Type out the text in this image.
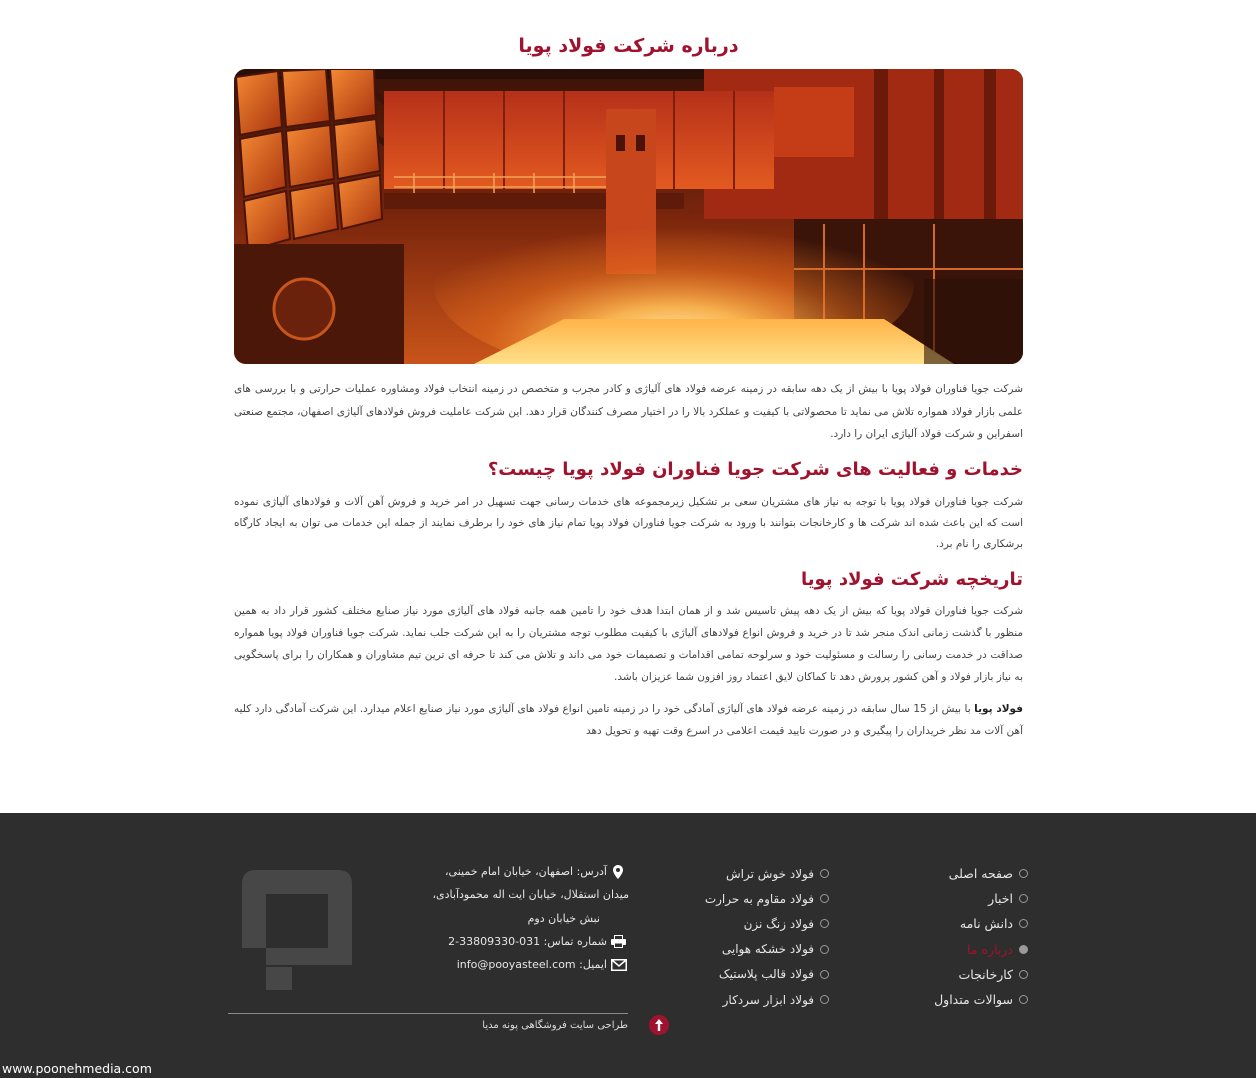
درباره شرکت فولاد پویا

شرکت جویا فناوران فولاد پویا با بیش از یک دهه سابقه در زمینه عرضه فولاد های آلیاژی و کادر مجرب و متخصص در زمینه انتخاب فولاد ومشاوره عملیات حرارتی و با بررسی های علمی بازار فولاد همواره تلاش می نماید تا محصولاتی با کیفیت و عملکرد بالا را در اختیار مصرف کنندگان قرار دهد. این شرکت عاملیت فروش فولادهای آلیاژی اصفهان، مجتمع صنعتی اسفراین و شرکت فولاد آلیاژی ایران را دارد.

خدمات و فعالیت های شرکت جویا فناوران فولاد پویا چیست؟

شرکت جویا فناوران فولاد پویا با توجه به نیاز های مشتریان سعی بر تشکیل زیرمجموعه های خدمات رسانی جهت تسهیل در امر خرید و فروش آهن آلات و فولادهای آلیاژی نموده است که این باعث شده اند شرکت ها و کارخانجات بتوانند با ورود به شرکت جویا فناوران فولاد پویا تمام نیاز های خود را برطرف نمایند از جمله این خدمات می توان به ایجاد کارگاه برشکاری را نام برد.

تاریخچه شرکت فولاد پویا

شرکت جویا فناوران فولاد پویا که بیش از یک دهه پیش تاسیس شد و از همان ابتدا هدف خود را تامین همه جانبه فولاد های آلیاژی مورد نیاز صنایع مختلف کشور قرار داد به همین منظور با گذشت زمانی اندک منجر شد تا در خرید و فروش انواع فولادهای آلیاژی با کیفیت مطلوب توجه مشتریان را به این شرکت جلب نماید. شرکت جویا فناوران فولاد پویا همواره صداقت در خدمت رسانی را رسالت و مسئولیت خود و سرلوحه تمامی اقدامات و تصمیمات خود می داند و تلاش می کند تا حرفه ای ترین تیم مشاوران و همکاران را برای پاسخگویی به نیاز بازار فولاد و آهن کشور پرورش دهد تا کماکان لایق اعتماد روز افزون شما عزیزان باشد.

فولاد پویا با بیش از 15 سال سابقه در زمینه عرضه فولاد های آلیاژی آمادگی خود را در زمینه تامین انواع فولاد های آلیاژی مورد نیاز صنایع اعلام میدارد. این شرکت آمادگی دارد کلیه آهن آلات مد نظر خریداران را پیگیری و در صورت تایید قیمت اعلامی در اسرع وقت تهیه و تحویل دهد

صفحه اصلی
اخبار
دانش نامه
درباره ما
کارخانجات
سوالات متداول
فولاد خوش تراش
فولاد مقاوم به حرارت
فولاد زنگ نزن
فولاد خشکه هوایی
فولاد قالب پلاستیک
فولاد ابزار سردکار
آدرس: اصفهان، خیابان امام خمینی،
میدان استقلال، خیابان ایت اله محمودآبادی،
نبش خیابان دوم
شماره تماس: 031-33809330-2
ایمیل: info@pooyasteel.com
طراحی سایت فروشگاهی پونه مدیا
www.poonehmedia.com
